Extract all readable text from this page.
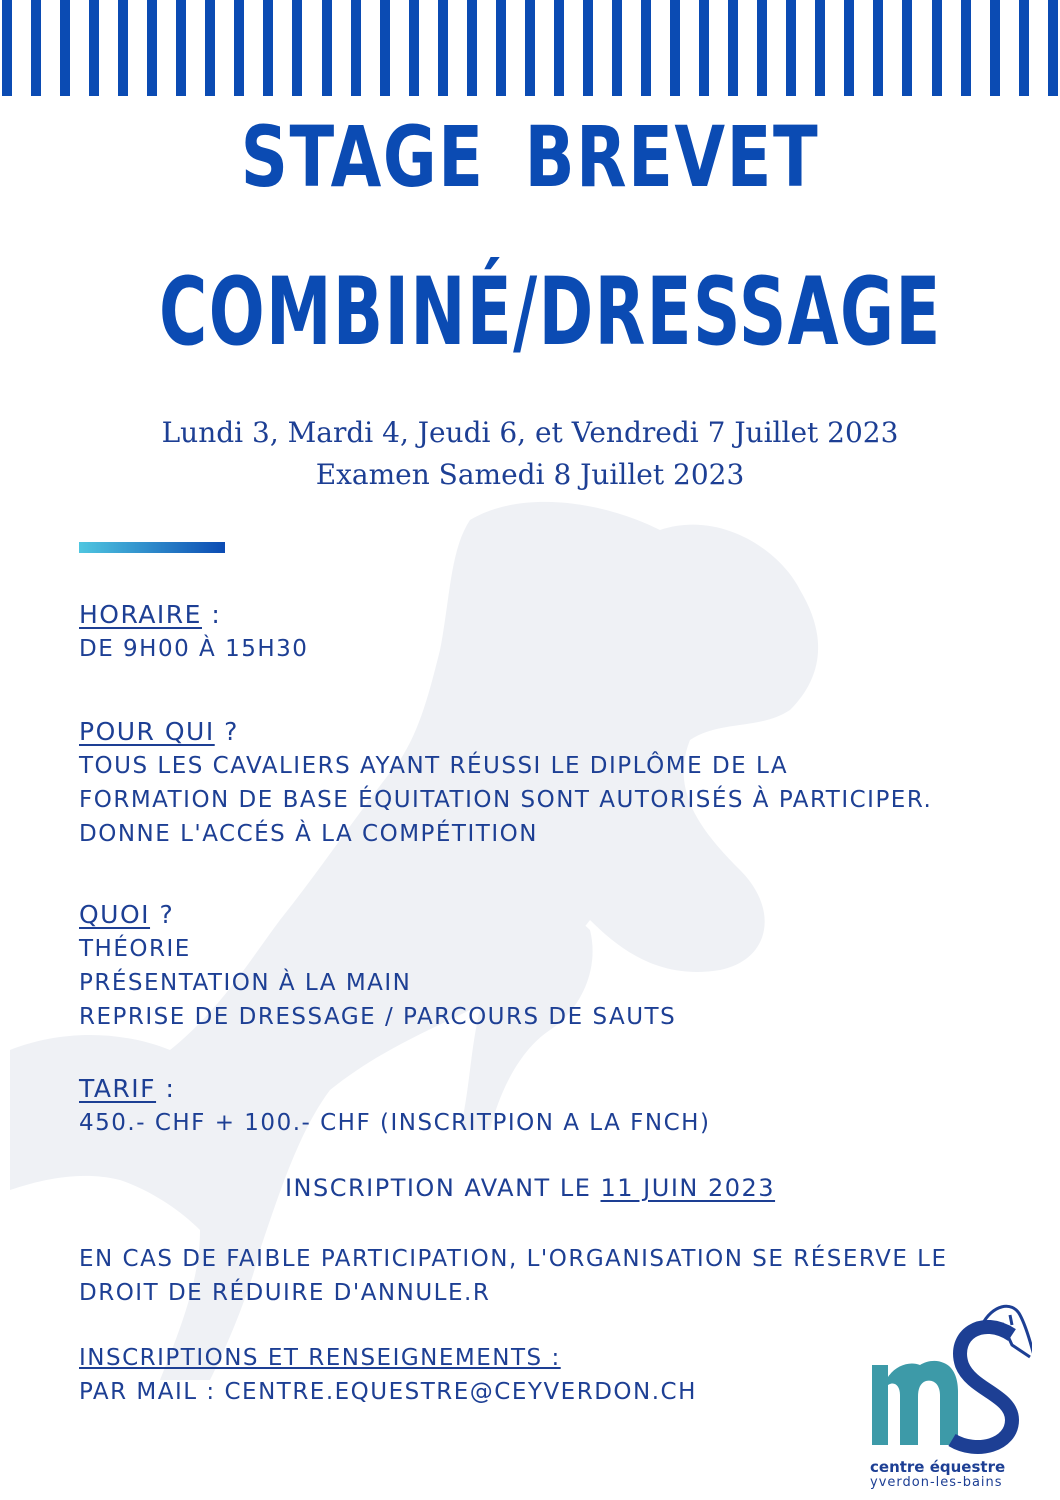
STAGE BREVET
COMBINÉ/DRESSAGE
Lundi 3, Mardi 4, Jeudi 6, et Vendredi 7 Juillet 2023
Examen Samedi 8 Juillet 2023
HORAIRE :
DE 9H00 À 15H30
POUR QUI ?
TOUS LES CAVALIERS AYANT RÉUSSI LE DIPLÔME DE LA
FORMATION DE BASE ÉQUITATION SONT AUTORISÉS À PARTICIPER.
DONNE L'ACCÉS À LA COMPÉTITION
QUOI ?
THÉORIE
PRÉSENTATION À LA MAIN
REPRISE DE DRESSAGE / PARCOURS DE SAUTS
TARIF :
450.- CHF + 100.- CHF (INSCRITPION A LA FNCH)
INSCRIPTION AVANT LE 11 JUIN 2023
EN CAS DE FAIBLE PARTICIPATION, L'ORGANISATION SE RÉSERVE LE
DROIT DE RÉDUIRE D'ANNULE.R
INSCRIPTIONS ET RENSEIGNEMENTS :
PAR MAIL : CENTRE.EQUESTRE@CEYVERDON.CH
centre équestre
yverdon-les-bains
